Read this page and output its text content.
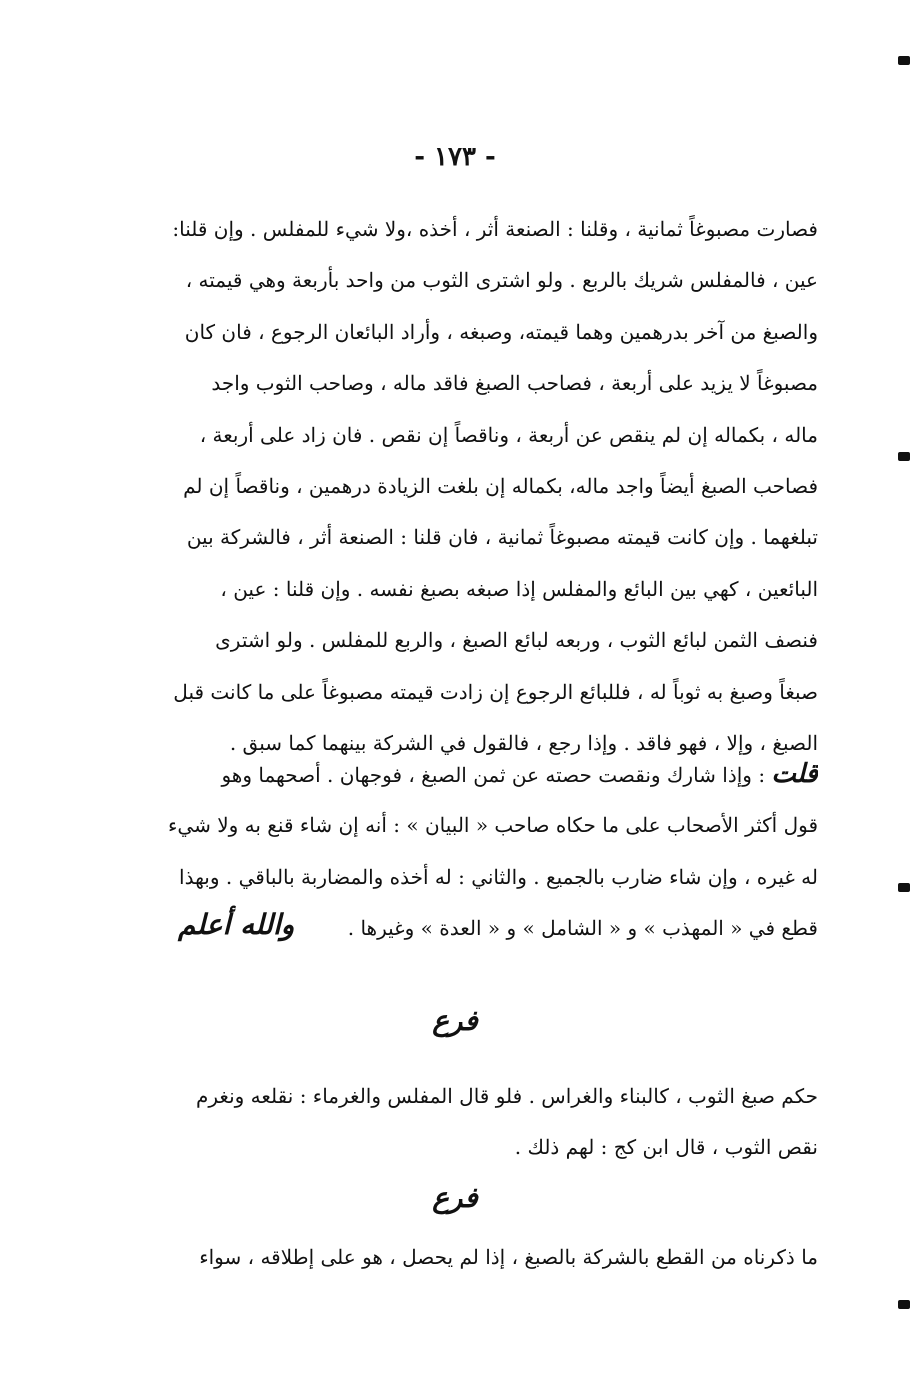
- ١٧٣ -
فصارت مصبوغاً ثمانية ، وقلنا : الصنعة أثر ، أخذه ،ولا شيء للمفلس . وإن قلنا:
عين ، فالمفلس شريك بالربع . ولو اشترى الثوب من واحد بأربعة وهي قيمته ،
والصبغ من آخر بدرهمين وهما قيمته، وصبغه ، وأراد البائعان الرجوع ، فان كان
مصبوغاً لا يزيد على أربعة ، فصاحب الصبغ فاقد ماله ، وصاحب الثوب واجد
ماله ، بكماله إن لم ينقص عن أربعة ، وناقصاً إن نقص . فان زاد على أربعة ،
فصاحب الصبغ أيضاً واجد ماله، بكماله إن بلغت الزيادة درهمين ، وناقصاً إن لم
تبلغهما . وإن كانت قيمته مصبوغاً ثمانية ، فان قلنا : الصنعة أثر ، فالشركة بين
البائعين ، كهي بين البائع والمفلس إذا صبغه بصبغ نفسه . وإن قلنا : عين ،
فنصف الثمن لبائع الثوب ، وربعه لبائع الصبغ ، والربع للمفلس . ولو اشترى
صبغاً وصبغ به ثوباً له ، فللبائع الرجوع إن زادت قيمته مصبوغاً على ما كانت قبل
الصبغ ، وإلا ، فهو فاقد . وإذا رجع ، فالقول في الشركة بينهما كما سبق .
قلت : وإذا شارك ونقصت حصته عن ثمن الصبغ ، فوجهان . أصحهما وهو
قول أكثر الأصحاب على ما حكاه صاحب « البيان » : أنه إن شاء قنع به ولا شيء
له غيره ، وإن شاء ضارب بالجميع . والثاني : له أخذه والمضاربة بالباقي . وبهذا
قطع في « المهذب » و « الشامل » و « العدة » وغيرها .
والله أعلم
فرع
حكم صبغ الثوب ، كالبناء والغراس . فلو قال المفلس والغرماء : نقلعه ونغرم
نقص الثوب ، قال ابن كج : لهم ذلك .
فرع
ما ذكرناه من القطع بالشركة بالصبغ ، إذا لم يحصل ، هو على إطلاقه ، سواء
